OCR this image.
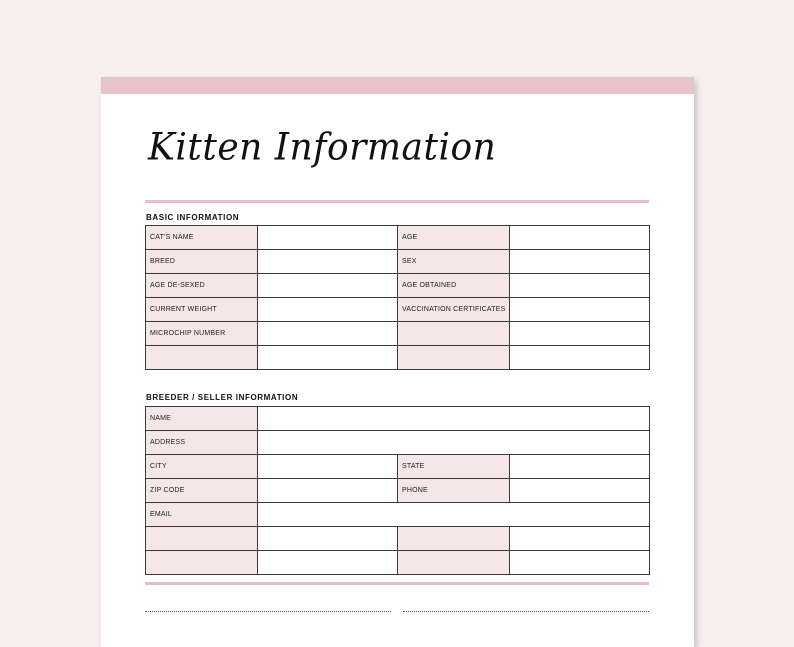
Kitten Information
BASIC INFORMATION
CAT'S NAME		AGE	
BREED		SEX	
AGE DE-SEXED		AGE OBTAINED	
CURRENT WEIGHT		VACCINATION CERTIFICATES	
MICROCHIP NUMBER			

BREEDER / SELLER INFORMATION
NAME			
ADDRESS			
CITY		STATE	
ZIP CODE		PHONE	
EMAIL			
